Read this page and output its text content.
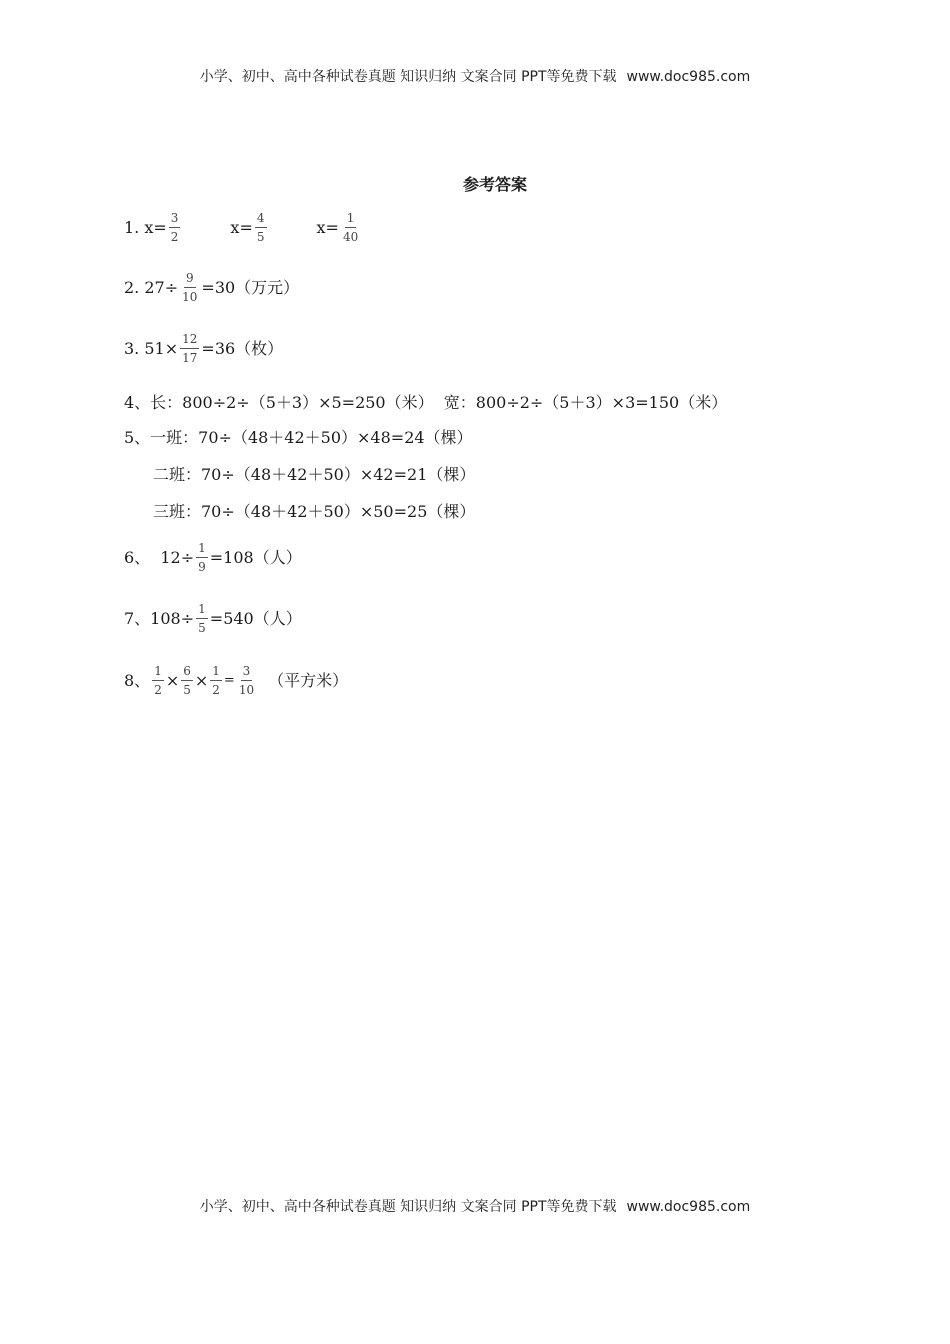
小学、初中、高中各种试卷真题 知识归纳 文案合同 PPT等免费下载 www.doc985.com
参考答案
1. $x= \frac{3}{2}$	$x= \frac{4}{5}$	$x= \frac{1}{40}$
2. $27\div \frac{9}{10} =30$（万元）
3. $51\times \frac{12}{17} =36$（枚）
4、长：800÷2÷（5＋3）×5=250（米）  宽：800÷2÷（5＋3）×3=150（米）
5、一班：70÷（48＋42＋50）×48=24（棵）
二班：70÷（48＋42＋50）×42=21（棵）
三班：70÷（48＋42＋50）×50=25（棵）
6、  $12\div \frac{1}{9} =108$（人）
7、$108\div \frac{1}{5} =540$（人）
8、 $\frac{1}{2} \times \frac{6}{5} \times \frac{1}{2} = \frac{3}{10}$ （平方米）
小学、初中、高中各种试卷真题 知识归纳 文案合同 PPT等免费下载 www.doc985.com
